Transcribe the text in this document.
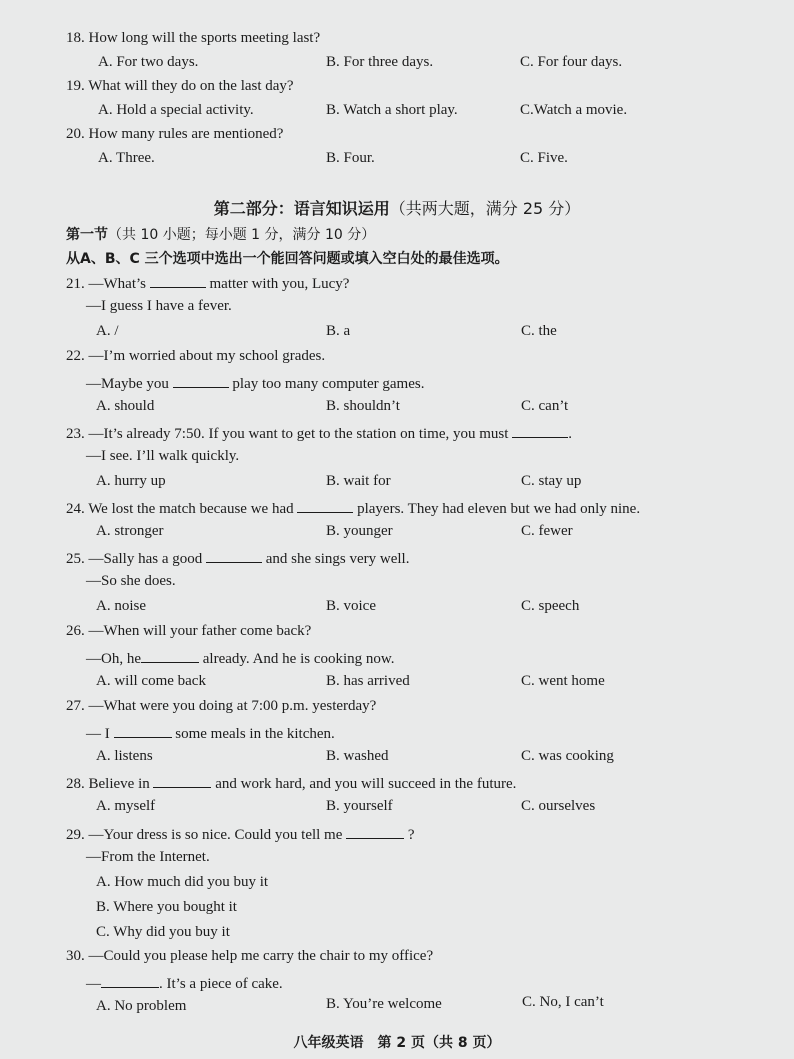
18. How long will the sports meeting last?
A. For two days.	B. For three days.	C. For four days.
19. What will they do on the last day?
A. Hold a special activity.	B. Watch a short play.	C.Watch a movie.
20. How many rules are mentioned?
A. Three.	B. Four.	C. Five.
第二部分：语言知识运用（共两大题，满分 25 分）
第一节（共 10 小题；每小题 1 分，满分 10 分）
从A、B、C 三个选项中选出一个能回答问题或填入空白处的最佳选项。
21. —What’s	matter with you, Lucy?
—I guess I have a fever.
A. /	B. a	C. the
22. —I’m worried about my school grades.
—Maybe you	play too many computer games.
A. should	B. shouldn’t	C. can’t
23. —It’s already 7:50. If you want to get to the station on time, you must	.
—I see. I’ll walk quickly.
A. hurry up	B. wait for	C. stay up
24. We lost the match because we had	players. They had eleven but we had only nine.
A. stronger	B. younger	C. fewer
25. —Sally has a good	and she sings very well.
—So she does.
A. noise	B. voice	C. speech
26. —When will your father come back?
—Oh, he	already. And he is cooking now.
A. will come back	B. has arrived	C. went home
27. —What were you doing at 7:00 p.m. yesterday?
— I	some meals in the kitchen.
A. listens	B. washed	C. was cooking
28. Believe in	and work hard, and you will succeed in the future.
A. myself	B. yourself	C. ourselves
29. —Your dress is so nice. Could you tell me	?
—From the Internet.
A. How much did you buy it
B. Where you bought it
C. Why did you buy it
30. —Could you please help me carry the chair to my office?
—	. It’s a piece of cake.
A. No problem	B. You’re welcome	C. No, I can’t
八年级英语　第 2 页（共 8 页）
